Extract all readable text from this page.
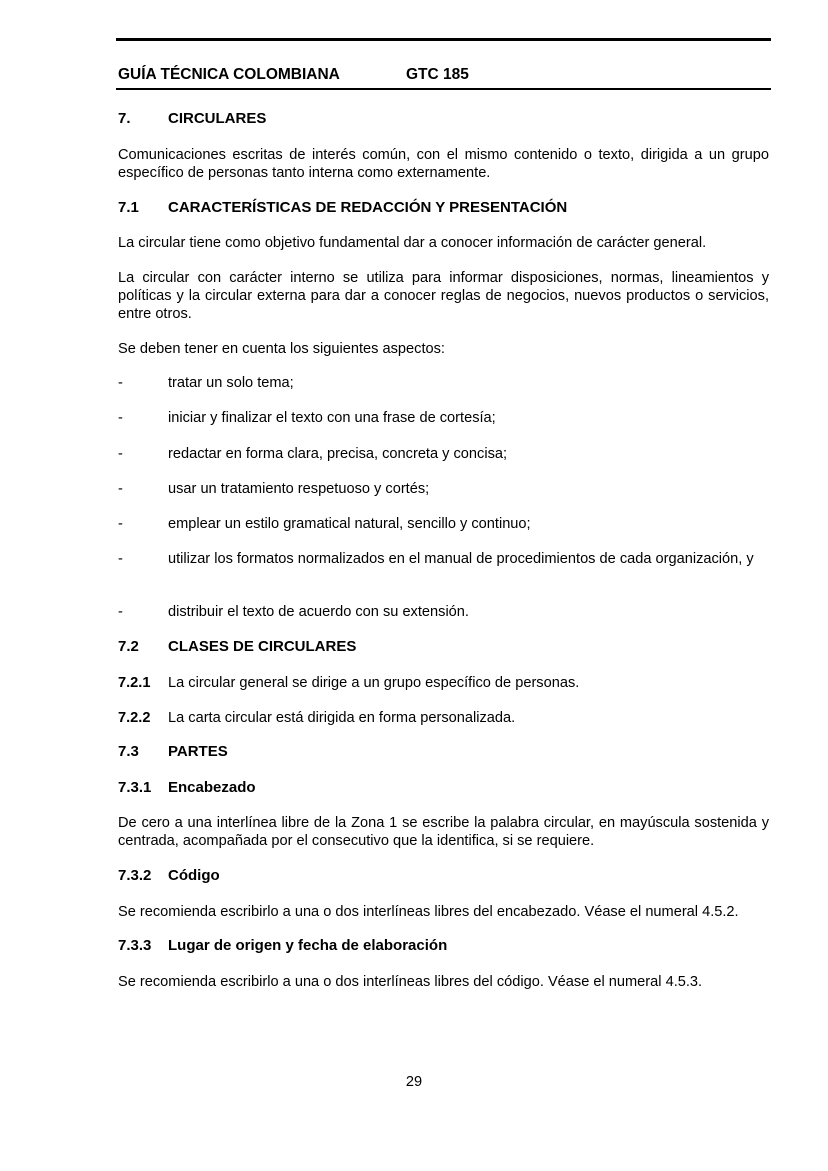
GUÍA TÉCNICA COLOMBIANA	GTC 185
7. CIRCULARES
Comunicaciones escritas de interés común, con el mismo contenido o texto, dirigida a un grupo específico de personas tanto interna como externamente.
7.1 CARACTERÍSTICAS DE REDACCIÓN Y PRESENTACIÓN
La circular tiene como objetivo fundamental dar a conocer información de carácter general.
La circular con carácter interno se utiliza para informar disposiciones, normas, lineamientos y políticas y la circular externa para dar a conocer reglas de negocios, nuevos productos o servicios, entre otros.
Se deben tener en cuenta los siguientes aspectos:
-	tratar un solo tema;
-	iniciar y finalizar el texto con una frase de cortesía;
-	redactar en forma clara, precisa, concreta y concisa;
-	usar un tratamiento respetuoso y cortés;
-	emplear un estilo gramatical natural, sencillo y continuo;
-	utilizar los formatos normalizados en el manual de procedimientos de cada organización, y
-	distribuir el texto de acuerdo con su extensión.
7.2 CLASES DE CIRCULARES
7.2.1 La circular general se dirige a un grupo específico de personas.
7.2.2 La carta circular está dirigida en forma personalizada.
7.3 PARTES
7.3.1 Encabezado
De cero a una interlínea libre de la Zona 1 se escribe la palabra circular, en mayúscula sostenida y centrada, acompañada por el consecutivo que la identifica, si se requiere.
7.3.2 Código
Se recomienda escribirlo a una o dos interlíneas libres del encabezado. Véase el numeral 4.5.2.
7.3.3 Lugar de origen y fecha de elaboración
Se recomienda escribirlo a una o dos interlíneas libres del código. Véase el numeral 4.5.3.
29
